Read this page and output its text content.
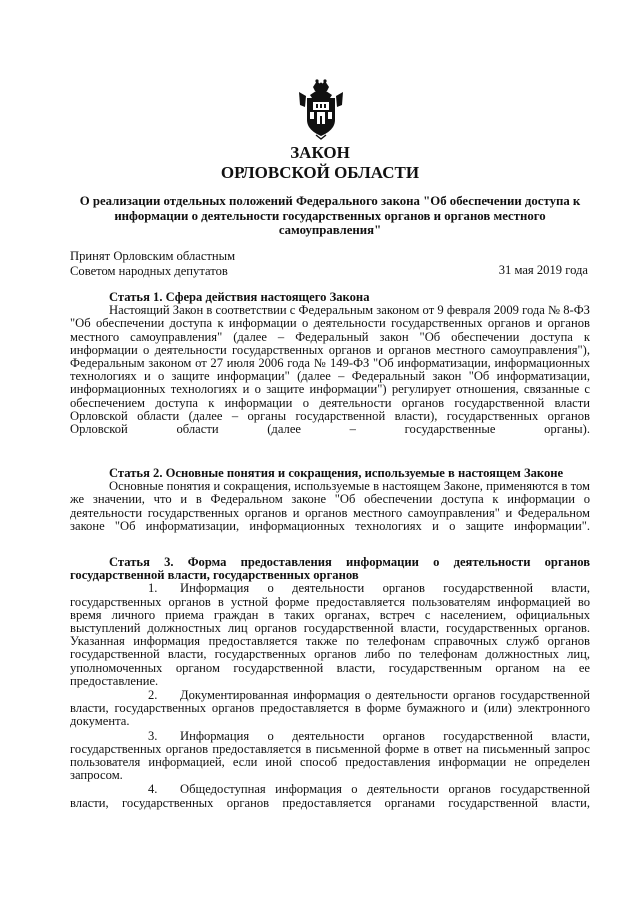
ЗАКОН
ОРЛОВСКОЙ ОБЛАСТИ
О реализации отдельных положений Федерального закона "Об обеспечении доступа к информации о деятельности государственных органов и органов местного самоуправления"
Принят Орловским областным
Советом народных депутатов	31 мая 2019 года
Статья 1. Сфера действия настоящего Закона
Настоящий Закон в соответствии с Федеральным законом от 9 февраля 2009 года № 8-ФЗ "Об обеспечении доступа к информации о деятельности государственных органов и органов местного самоуправления" (далее – Федеральный закон "Об обеспечении доступа к информации о деятельности государственных органов и органов местного самоуправления"), Федеральным законом от 27 июля 2006 года № 149-ФЗ "Об информатизации, информационных технологиях и о защите информации" (далее – Федеральный закон "Об информатизации, информационных технологиях и о защите информации") регулирует отношения, связанные с обеспечением доступа к информации о деятельности органов государственной власти Орловской области (далее – органы государственной власти), государственных органов Орловской области (далее – государственные органы).
Статья 2. Основные понятия и сокращения, используемые в настоящем Законе
Основные понятия и сокращения, используемые в настоящем Законе, применяются в том же значении, что и в Федеральном законе "Об обеспечении доступа к информации о деятельности государственных органов и органов местного самоуправления" и Федеральном законе "Об информатизации, информационных технологиях и о защите информации".
Статья 3. Форма предоставления информации о деятельности органов государственной власти, государственных органов
1. Информация о деятельности органов государственной власти, государственных органов в устной форме предоставляется пользователям информацией во время личного приема граждан в таких органах, встреч с населением, официальных выступлений должностных лиц органов государственной власти, государственных органов. Указанная информация предоставляется также по телефонам справочных служб органов государственной власти, государственных органов либо по телефонам должностных лиц, уполномоченных органом государственной власти, государственным органом на ее предоставление.
2. Документированная информация о деятельности органов государственной власти, государственных органов предоставляется в форме бумажного и (или) электронного документа.
3. Информация о деятельности органов государственной власти, государственных органов предоставляется в письменной форме в ответ на письменный запрос пользователя информацией, если иной способ предоставления информации не определен запросом.
4. Общедоступная информация о деятельности органов государственной власти, государственных органов предоставляется органами государственной власти,
